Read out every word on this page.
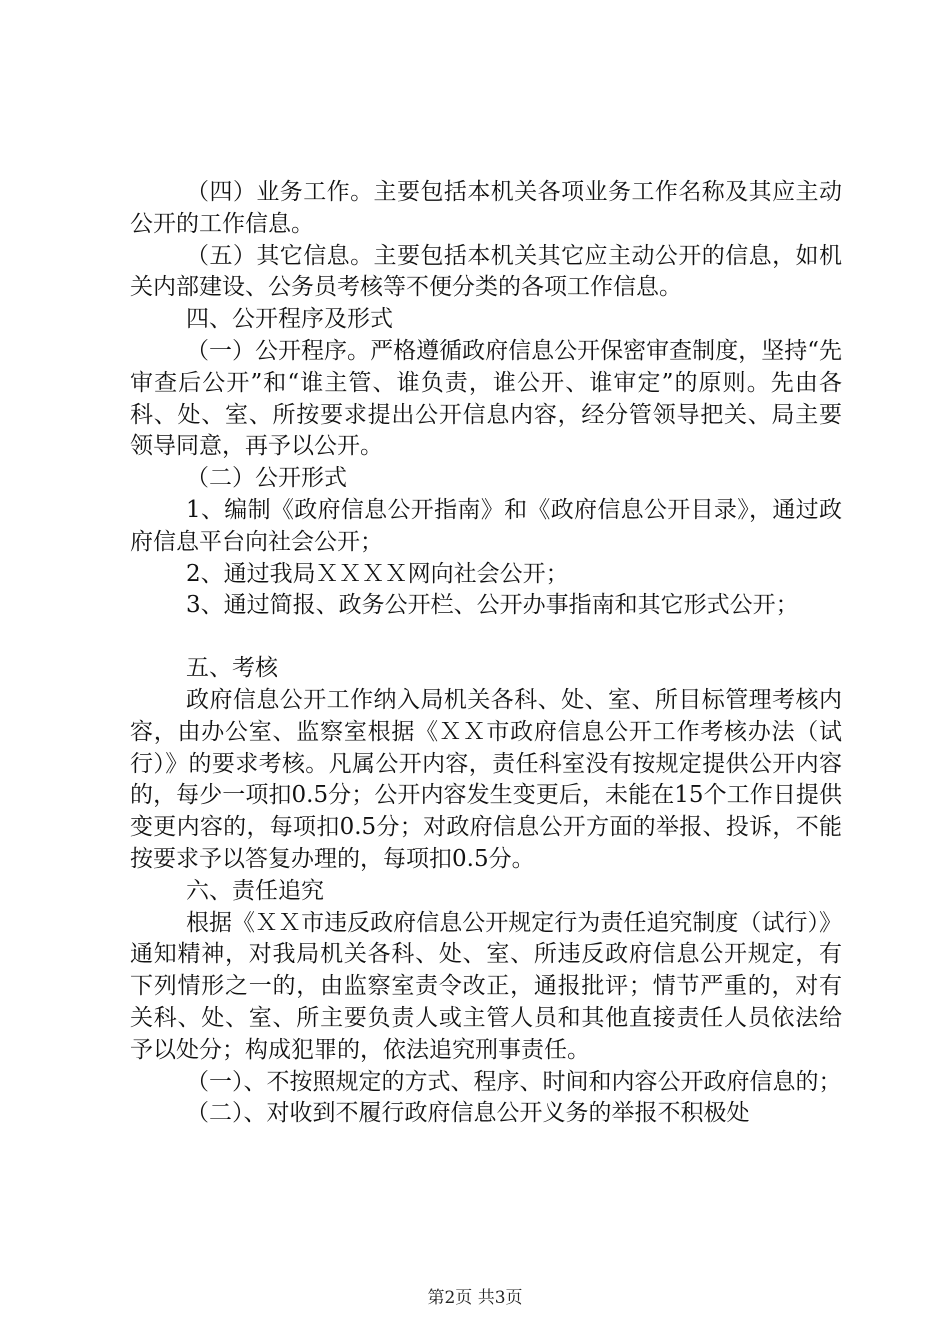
（四）业务工作。主要包括本机关各项业务工作名称及其应主动公开的工作信息。

（五）其它信息。主要包括本机关其它应主动公开的信息，如机关内部建设、公务员考核等不便分类的各项工作信息。

四、公开程序及形式

（一）公开程序。严格遵循政府信息公开保密审查制度，坚持“先审查后公开”和“谁主管、谁负责，谁公开、谁审定”的原则。先由各科、处、室、所按要求提出公开信息内容，经分管领导把关、局主要领导同意，再予以公开。

（二）公开形式

1、编制《政府信息公开指南》和《政府信息公开目录》，通过政府信息平台向社会公开；

2、通过我局ＸＸＸＸ网向社会公开；

3、通过简报、政务公开栏、公开办事指南和其它形式公开；

五、考核

政府信息公开工作纳入局机关各科、处、室、所目标管理考核内容，由办公室、监察室根据《ＸＸ市政府信息公开工作考核办法（试行）》的要求考核。凡属公开内容，责任科室没有按规定提供公开内容的，每少一项扣0.5分；公开内容发生变更后，未能在15个工作日提供变更内容的，每项扣0.5分；对政府信息公开方面的举报、投诉，不能按要求予以答复办理的，每项扣0.5分。

六、责任追究

根据《ＸＸ市违反政府信息公开规定行为责任追究制度（试行）》通知精神，对我局机关各科、处、室、所违反政府信息公开规定，有下列情形之一的，由监察室责令改正，通报批评；情节严重的，对有关科、处、室、所主要负责人或主管人员和其他直接责任人员依法给予以处分；构成犯罪的，依法追究刑事责任。

（一）、不按照规定的方式、程序、时间和内容公开政府信息的；

（二）、对收到不履行政府信息公开义务的举报不积极处

第2页 共3页
